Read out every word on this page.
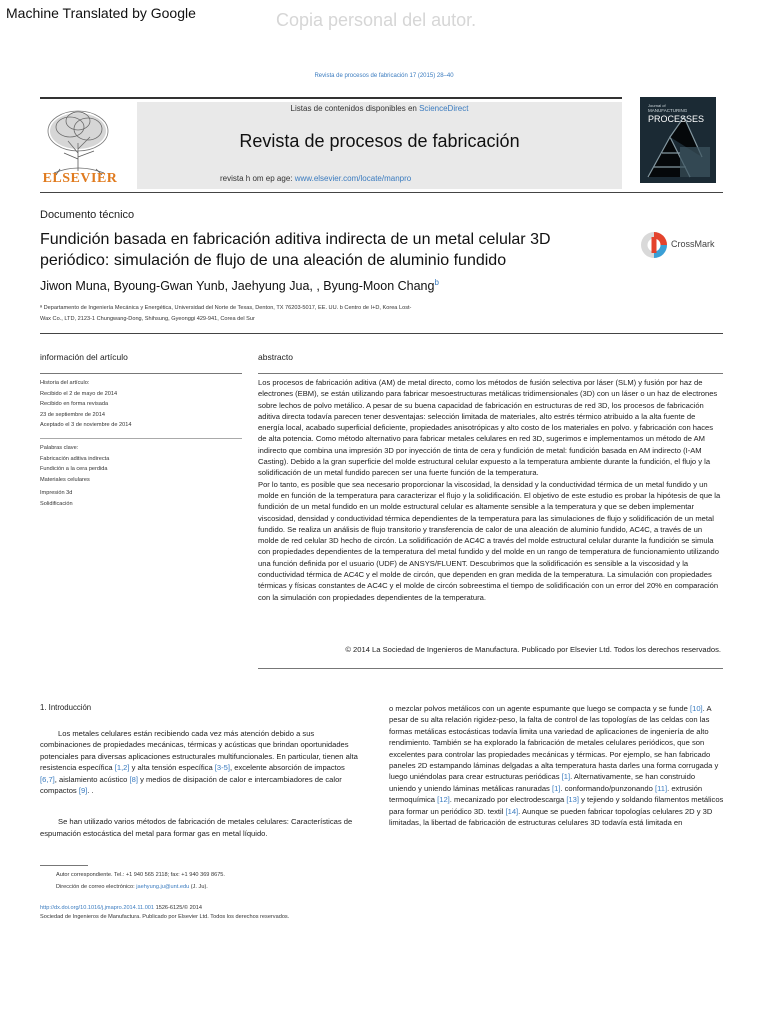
Machine Translated by Google	Copia personal del autor.
Revista de procesos de fabricación 17 (2015) 28–40
ELSEVIER
Listas de contenidos disponibles en ScienceDirect
Revista de procesos de fabricación
revista h om ep age: www.elsevier.com/locate/manpro
Journal of
MANUFACTURING
PROCESSES
Documento técnico
Fundición basada en fabricación aditiva indirecta de un metal celular 3D periódico: simulación de flujo de una aleación de aluminio fundido
CrossMark
Jiwon Muna, Byoung-Gwan Yunb, Jaehyung Jua, , Byung-Moon Chang$^b$
ª Departamento de Ingeniería Mecánica y Energética, Universidad del Norte de Texas, Denton, TX 76203-5017, EE. UU. b Centro de I+D, Korea Lost-
Wax Co., LTD, 2123-1 Chungwang-Dong, Shihsung, Gyeonggi 429-941, Corea del Sur
información del artículo	abstracto
Historia del artículo:
Recibido el 2 de mayo de 2014
Recibido en forma revisada
23 de septiembre de 2014
Aceptado el 3 de noviembre de 2014
Palabras clave:
Fabricación aditiva indirecta
Fundición a la cera perdida
Materiales celulares
Impresión 3d
Solidificación

Los procesos de fabricación aditiva (AM) de metal directo, como los métodos de fusión selectiva por láser (SLM) y fusión por haz de electrones (EBM), se están utilizando para fabricar mesoestructuras metálicas tridimensionales (3D) con un láser o un haz de electrones sobre lechos de polvo metálico. A pesar de su buena capacidad de fabricación en estructuras de red 3D, los procesos de fabricación aditiva directa todavía parecen tener desventajas: selección limitada de materiales, alto estrés térmico atribuido a la alta fuente de energía local, acabado superficial deficiente, propiedades anisotrópicas y alto costo de los materiales en polvo. y fabricación con haces de alta potencia. Como método alternativo para fabricar metales celulares en red 3D, sugerimos e implementamos un método de AM indirecto que combina una impresión 3D por inyección de tinta de cera y fundición de metal: fundición basada en AM indirecto (I-AM Casting). Debido a la gran superficie del molde estructural celular expuesto a la temperatura ambiente durante la fundición, el flujo y la solidificación de un metal fundido parecen ser una fuerte función de la temperatura.

Por lo tanto, es posible que sea necesario proporcionar la viscosidad, la densidad y la conductividad térmica de un metal fundido y un molde en función de la temperatura para caracterizar el flujo y la solidificación. El objetivo de este estudio es probar la hipótesis de que la fundición de un metal fundido en un molde estructural celular es altamente sensible a la temperatura y que se deben implementar viscosidad, densidad y conductividad térmica dependientes de la temperatura para las simulaciones de flujo y solidificación de un metal fundido. Se realiza un análisis de flujo transitorio y transferencia de calor de una aleación de aluminio fundido, AC4C, a través de un molde de red celular 3D hecho de circón. La solidificación de AC4C a través del molde estructural celular durante la fundición se simula con propiedades dependientes de la temperatura del metal fundido y del molde en un rango de temperatura de funcionamiento utilizando una función definida por el usuario (UDF) de ANSYS/FLUENT. Descubrimos que la solidificación es sensible a la viscosidad y la conductividad térmica de AC4C y el molde de circón, que dependen en gran medida de la temperatura. La simulación con propiedades térmicas y físicas constantes de AC4C y el molde de circón sobreestima el tiempo de solidificación con un error del 20% en comparación con la simulación con propiedades dependientes de la temperatura.

© 2014 La Sociedad de Ingenieros de Manufactura. Publicado por Elsevier Ltd. Todos los derechos reservados.
1. Introducción

Los metales celulares están recibiendo cada vez más atención debido a sus combinaciones de propiedades mecánicas, térmicas y acústicas que brindan oportunidades potenciales para diversas aplicaciones estructurales multifuncionales. En particular, tienen alta resistencia específica [1,2] y alta tensión específica [3-5], excelente absorción de impactos [6,7], aislamiento acústico [8] y medios de disipación de calor e intercambiadores de calor compactos [9]. .

Se han utilizado varios métodos de fabricación de metales celulares: Características de espumación estocástica del metal para formar gas en metal líquido.

o mezclar polvos metálicos con un agente espumante que luego se compacta y se funde [10]. A pesar de su alta relación rigidez-peso, la falta de control de las topologías de las celdas con las formas metálicas estocásticas todavía limita una variedad de aplicaciones de ingeniería de alto rendimiento. También se ha explorado la fabricación de metales celulares periódicos, que son excelentes para controlar las propiedades mecánicas y térmicas. Por ejemplo, se han fabricado paneles 2D estampando láminas delgadas a alta temperatura hasta darles una forma corrugada y luego uniéndolas para crear estructuras periódicas [1]. Alternativamente, se han construido uniendo y uniendo láminas metálicas ranuradas [1]. conformando/punzonando [11]. extrusión termoquímica [12]. mecanizado por electrodescarga [13] y tejiendo y soldando filamentos metálicos para formar un periódico 3D. textil [14]. Aunque se pueden fabricar topologías celulares 2D y 3D limitadas, la libertad de fabricación de estructuras celulares 3D todavía está limitada en

Autor correspondiente. Tel.: +1 940 565 2118; fax: +1 940 369 8675.
Dirección de correo electrónico: jaehyung.ju@unt.edu (J. Ju).
http://dx.doi.org/10.1016/j.jmapro.2014.11.001 1526-6125/© 2014
Sociedad de Ingenieros de Manufactura. Publicado por Elsevier Ltd. Todos los derechos reservados.
